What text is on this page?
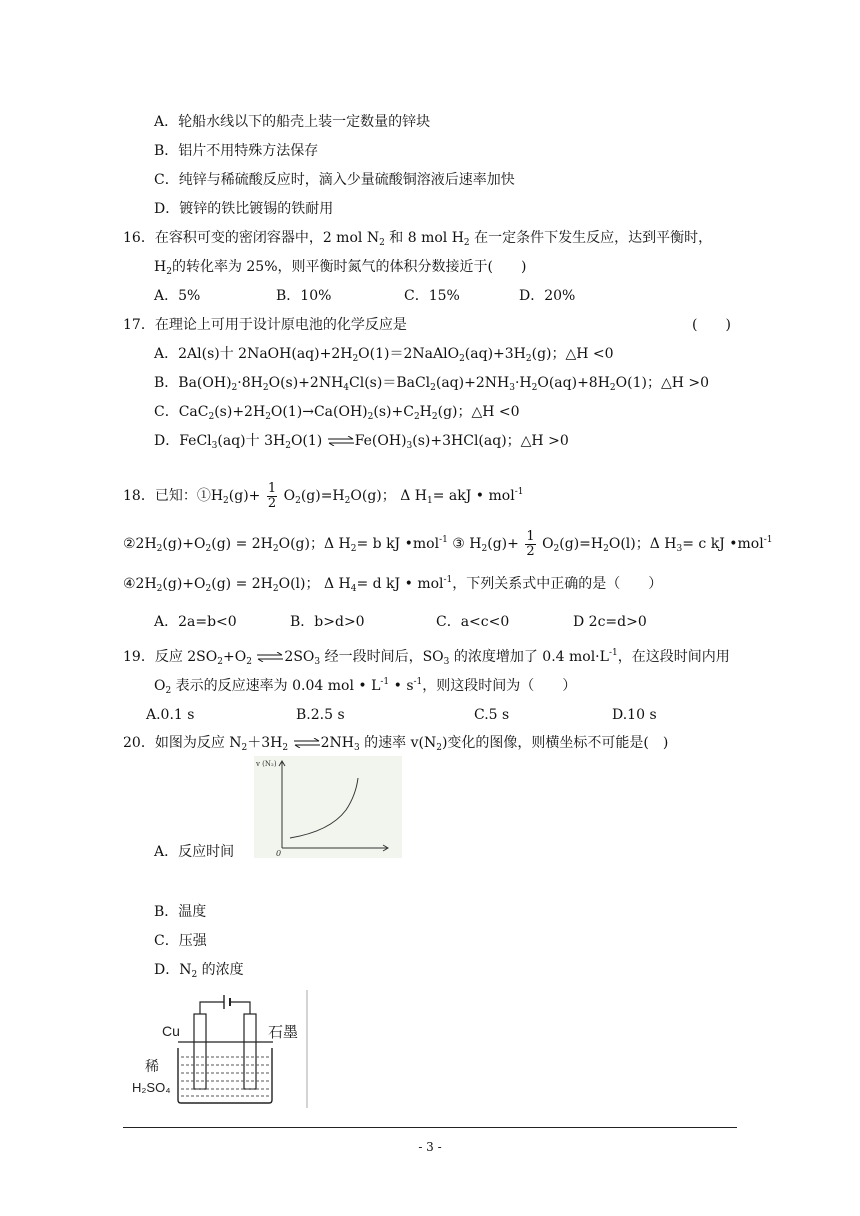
A．轮船水线以下的船壳上装一定数量的锌块
B．铝片不用特殊方法保存
C．纯锌与稀硫酸反应时，滴入少量硫酸铜溶液后速率加快
D．镀锌的铁比镀锡的铁耐用
16．在容积可变的密闭容器中，2 mol $N_2$ 和 8 mol $H_2$ 在一定条件下发生反应，达到平衡时，
$H_2$的转化率为 25%，则平衡时氮气的体积分数接近于(　　)
A．5%	B．10%	C．15%	D．20%
17．在理论上可用于设计原电池的化学反应是	(　　)
A．2Al(s)十 $2NaOH(aq)+2H_2O(1)=2NaAlO_2(aq)+3H_2(g)$；△H <0
B．$Ba(OH)_2\cdot 8H_2O(s)+2NH_4Cl(s)=BaCl_2(aq)+2NH_3\cdot H_2O(aq)+8H_2O(1)$；△H >0
C．$CaC_2(s)+2H_2O(1)\to Ca(OH)_2(s)+C_2H_2(g)$；△H <0
D．FeCl$_3$(aq)十 $3H_2O(1)$ $\rightleftharpoons Fe(OH)_3(s)+3HCl(aq)$；△H >0
18．已知：$①H_2(g)+ \frac{1}{2} O_2(g)=H_2O(g)$； Δ $H_1=$ akJ • mol$^{-1}$
$②2H_2(g)+O_2(g) = 2H_2O(g)$；Δ $H_2= b$ kJ •mol$^{-1}$ ③ $H_2(g)+ \frac{1}{2} O_2(g)=H_2O(l)$；Δ $H_3= c$ kJ •mol$^{-1}$
$④2H_2(g)+O_2(g) = 2H_2O(l)$； Δ $H_4= d$ kJ • mol$^{-1}$，下列关系式中正确的是（　　）
A．2a=b<0	B．b>d>0	C．a<c<0	D 2c=d>0
19．反应 $2SO_2+O_2$ $\rightleftharpoons 2SO_3$ 经一段时间后，$SO_3$ 的浓度增加了 0.4 $mol\cdot L^{-1}$，在这段时间内用
$O_2$ 表示的反应速率为 0.04 mol • $L^{-1}$ • $s^{-1}$，则这段时间为（　　）
A.0.1 s	B.2.5 s	C.5 s	D.10 s
20．如图为反应 $N_2+3H_2$ $\rightleftharpoons 2NH_3$ 的速率 $v(N_2)$变化的图像，则横坐标不可能是(　)
v (N₂)
0
A．反应时间
B．温度
C．压强
D．$N_2$ 的浓度
Cu	石墨
稀
H₂SO₄
- 3 -
